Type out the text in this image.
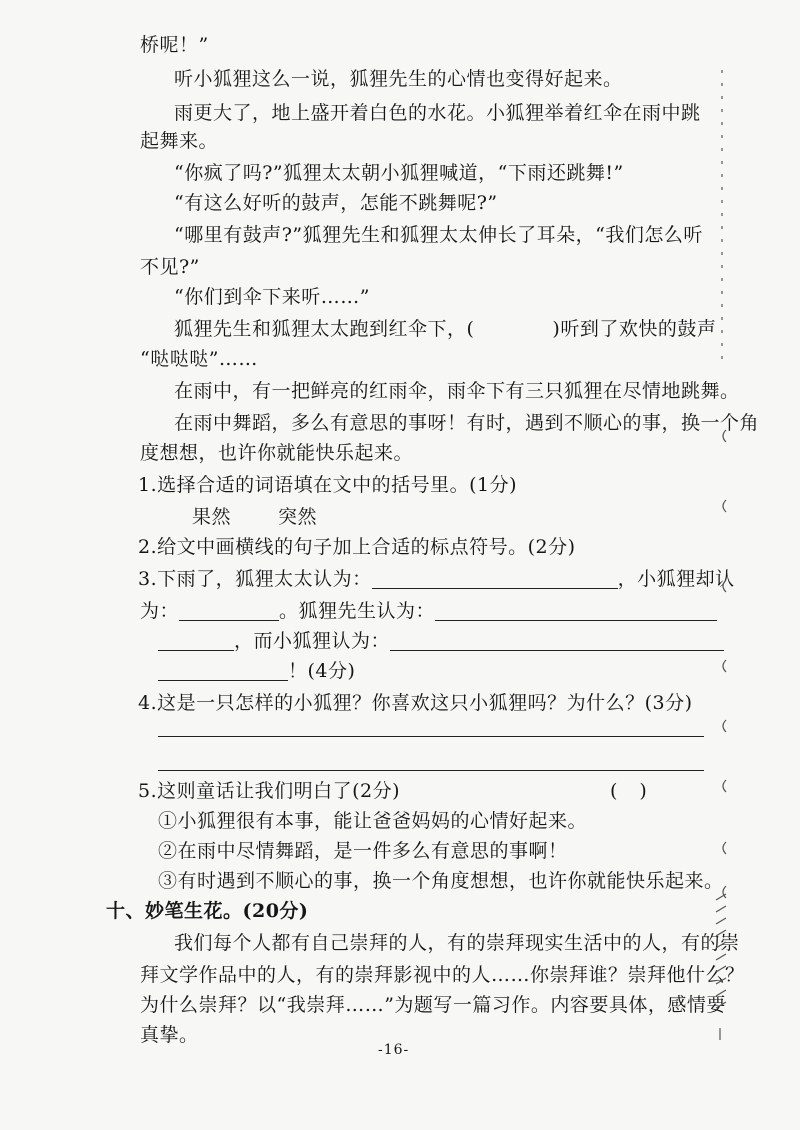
桥呢！”
听小狐狸这么一说，狐狸先生的心情也变得好起来。
雨更大了，地上盛开着白色的水花。小狐狸举着红伞在雨中跳
起舞来。
“你疯了吗?”狐狸太太朝小狐狸喊道，“下雨还跳舞!”
“有这么好听的鼓声，怎能不跳舞呢?”
“哪里有鼓声?”狐狸先生和狐狸太太伸长了耳朵，“我们怎么听
不见?”
“你们到伞下来听……”
狐狸先生和狐狸太太跑到红伞下，(　　　　)听到了欢快的鼓声
“哒哒哒”……
在雨中，有一把鲜亮的红雨伞，雨伞下有三只狐狸在尽情地跳舞。
在雨中舞蹈，多么有意思的事呀！有时，遇到不顺心的事，换一个角
度想想，也许你就能快乐起来。
1.选择合适的词语填在文中的括号里。(1分)
果然	突然
2.给文中画横线的句子加上合适的标点符号。(2分)
3.下雨了，狐狸太太认为：	，小狐狸却认
为：	。狐狸先生认为：
，而小狐狸认为：
！(4分)
4.这是一只怎样的小狐狸？你喜欢这只小狐狸吗？为什么？(3分)
5.这则童话让我们明白了(2分)	()
①小狐狸很有本事，能让爸爸妈妈的心情好起来。
②在雨中尽情舞蹈，是一件多么有意思的事啊！
③有时遇到不顺心的事，换一个角度想想，也许你就能快乐起来。
十、妙笔生花。(20分)
我们每个人都有自己崇拜的人，有的崇拜现实生活中的人，有的崇
拜文学作品中的人，有的崇拜影视中的人……你崇拜谁？崇拜他什么？
为什么崇拜？以“我崇拜……”为题写一篇习作。内容要具体，感情要
真挚。
-16-
